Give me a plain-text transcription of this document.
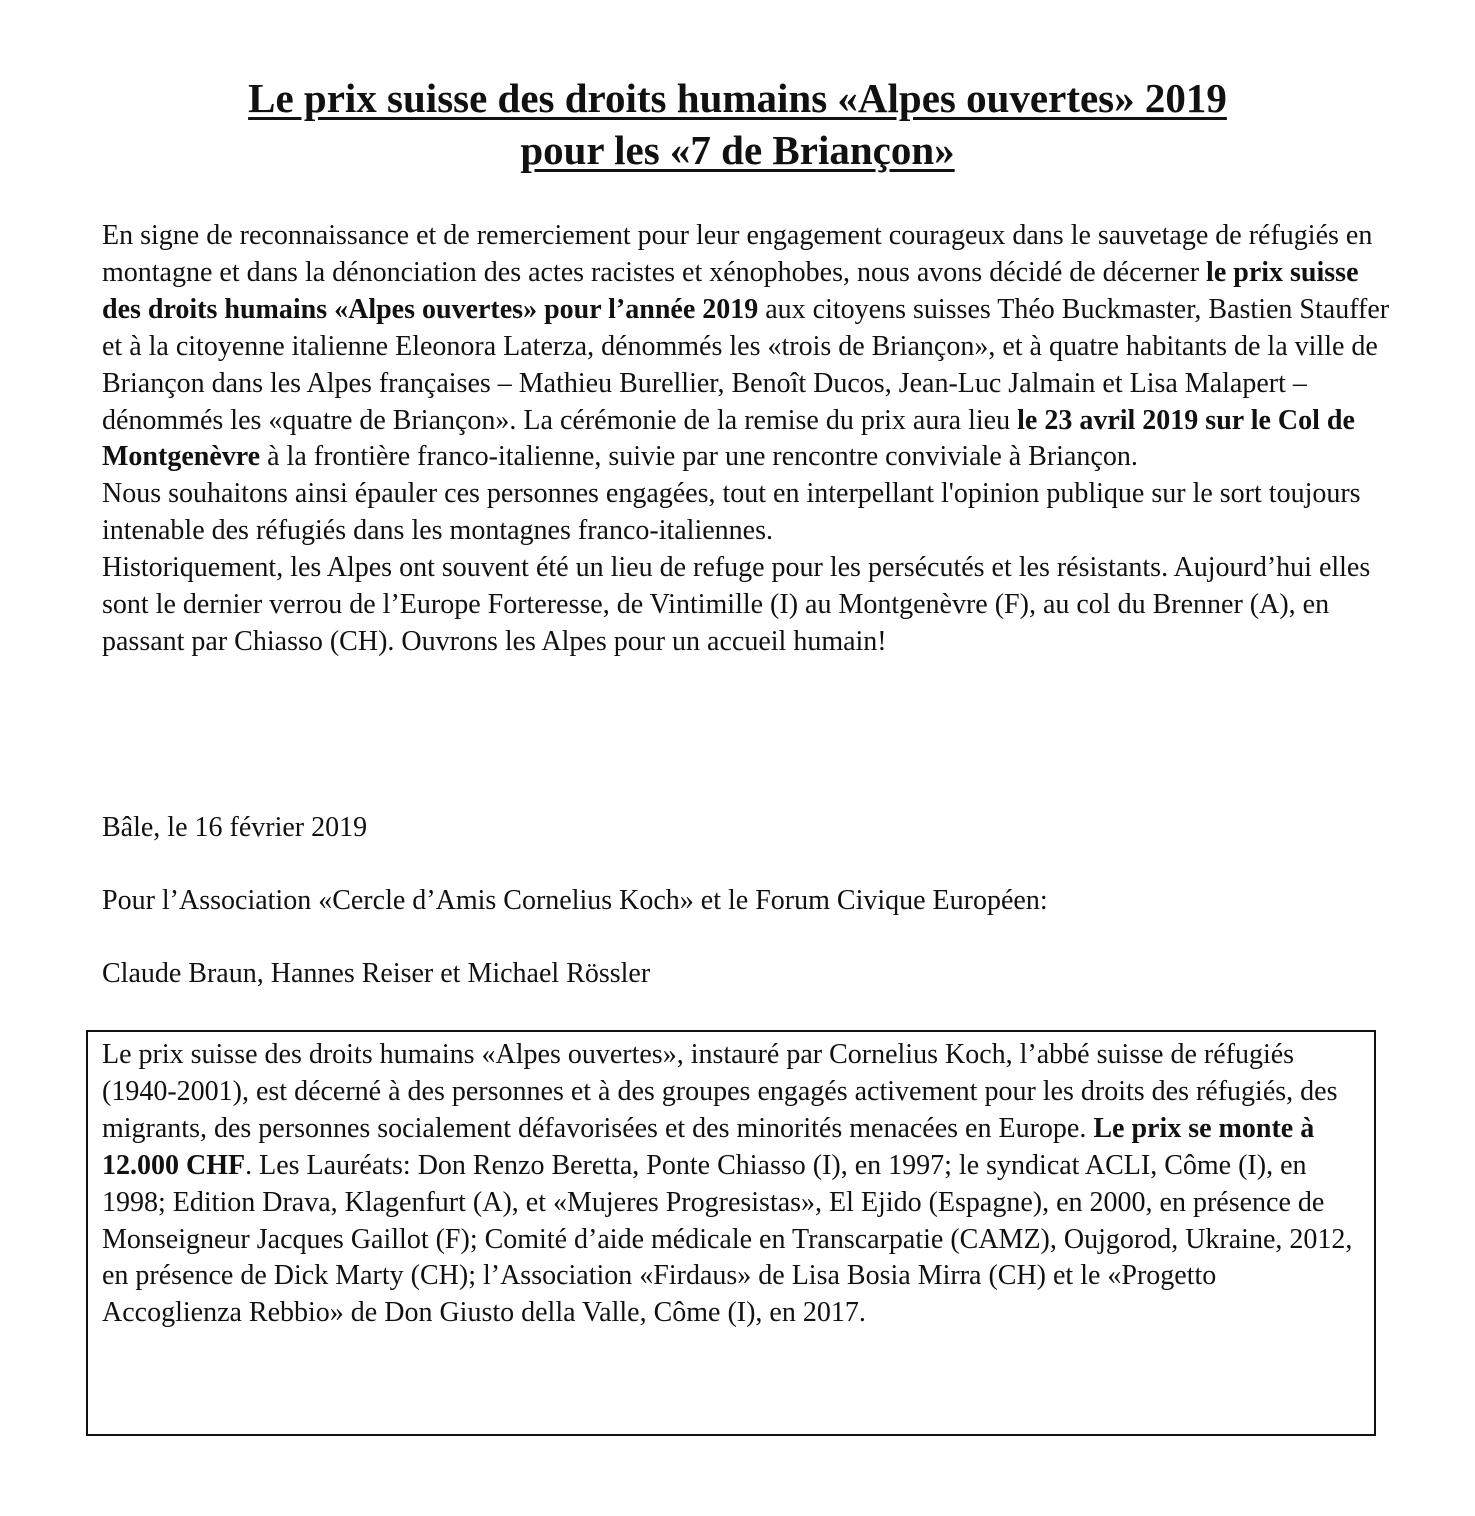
Le prix suisse des droits humains «Alpes ouvertes» 2019
pour les «7 de Briançon»

En signe de reconnaissance et de remerciement pour leur engagement courageux dans le sauvetage de réfugiés en montagne et dans la dénonciation des actes racistes et xénophobes, nous avons décidé de décerner le prix suisse des droits humains «Alpes ouvertes» pour l’année 2019 aux citoyens suisses Théo Buckmaster, Bastien Stauffer et à la citoyenne italienne Eleonora Laterza, dénommés les «trois de Briançon», et à quatre habitants de la ville de Briançon dans les Alpes françaises – Mathieu Burellier, Benoît Ducos, Jean-Luc Jalmain et Lisa Malapert – dénommés les «quatre de Briançon». La cérémonie de la remise du prix aura lieu le 23 avril 2019 sur le Col de Montgenèvre à la frontière franco-italienne, suivie par une rencontre conviviale à Briançon.

Nous souhaitons ainsi épauler ces personnes engagées, tout en interpellant l'opinion publique sur le sort toujours intenable des réfugiés dans les montagnes franco-italiennes.

Historiquement, les Alpes ont souvent été un lieu de refuge pour les persécutés et les résistants. Aujourd’hui elles sont le dernier verrou de l’Europe Forteresse, de Vintimille (I) au Montgenèvre (F), au col du Brenner (A), en passant par Chiasso (CH). Ouvrons les Alpes pour un accueil humain!

Bâle, le 16 février 2019
Pour l’Association «Cercle d’Amis Cornelius Koch» et le Forum Civique Européen:
Claude Braun, Hannes Reiser et Michael Rössler

Le prix suisse des droits humains «Alpes ouvertes», instauré par Cornelius Koch, l’abbé suisse de réfugiés (1940-2001), est décerné à des personnes et à des groupes engagés activement pour les droits des réfugiés, des migrants, des personnes socialement défavorisées et des minorités menacées en Europe. Le prix se monte à 12.000 CHF. Les Lauréats: Don Renzo Beretta, Ponte Chiasso (I), en 1997; le syndicat ACLI, Côme (I), en 1998; Edition Drava, Klagenfurt (A), et «Mujeres Progresistas», El Ejido (Espagne), en 2000, en présence de Monseigneur Jacques Gaillot (F); Comité d’aide médicale en Transcarpatie (CAMZ), Oujgorod, Ukraine, 2012, en présence de Dick Marty (CH); l’Association «Firdaus» de Lisa Bosia Mirra (CH) et le «Progetto Accoglienza Rebbio» de Don Giusto della Valle, Côme (I), en 2017.
